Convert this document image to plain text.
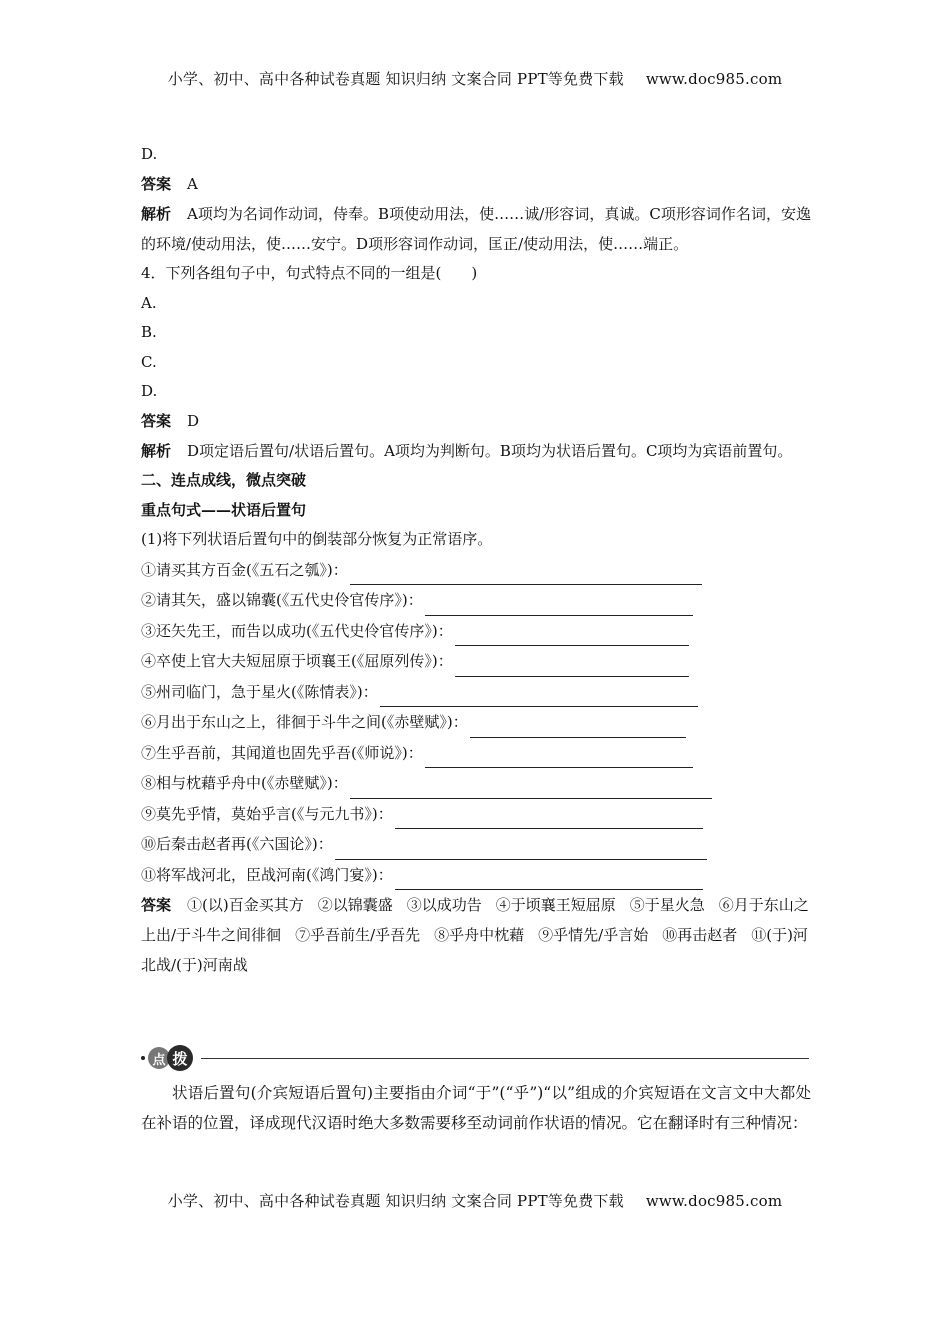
小学、初中、高中各种试卷真题 知识归纳 文案合同 PPT等免费下载 www.doc985.com
D.
答案 A
解析 A项均为名词作动词，侍奉。B项使动用法，使……诚/形容词，真诚。C项形容词作名词，安逸的环境/使动用法，使……安宁。D项形容词作动词，匡正/使动用法，使……端正。
4．下列各组句子中，句式特点不同的一组是(　　)
A.
B.
C.
D.
答案 D
解析 D项定语后置句/状语后置句。A项均为判断句。B项均为状语后置句。C项均为宾语前置句。
二、连点成线，微点突破
重点句式——状语后置句
(1)将下列状语后置句中的倒装部分恢复为正常语序。
①请买其方百金(《五石之瓠》)：
②请其矢，盛以锦囊(《五代史伶官传序》)：
③还矢先王，而告以成功(《五代史伶官传序》)：
④卒使上官大夫短屈原于顷襄王(《屈原列传》)：
⑤州司临门，急于星火(《陈情表》)：
⑥月出于东山之上，徘徊于斗牛之间(《赤壁赋》)：
⑦生乎吾前，其闻道也固先乎吾(《师说》)：
⑧相与枕藉乎舟中(《赤壁赋》)：
⑨莫先乎情，莫始乎言(《与元九书》)：
⑩后秦击赵者再(《六国论》)：
⑪将军战河北，臣战河南(《鸿门宴》)：
答案 ①(以)百金买其方 ②以锦囊盛 ③以成功告 ④于顷襄王短屈原 ⑤于星火急 ⑥月于东山之上出/于斗牛之间徘徊 ⑦乎吾前生/乎吾先 ⑧乎舟中枕藉 ⑨乎情先/乎言始 ⑩再击赵者 ⑪(于)河北战/(于)河南战
点 拨
状语后置句(介宾短语后置句)主要指由介词“于”(“乎”)“以”组成的介宾短语在文言文中大都处在补语的位置，译成现代汉语时绝大多数需要移至动词前作状语的情况。它在翻译时有三种情况：
小学、初中、高中各种试卷真题 知识归纳 文案合同 PPT等免费下载 www.doc985.com
